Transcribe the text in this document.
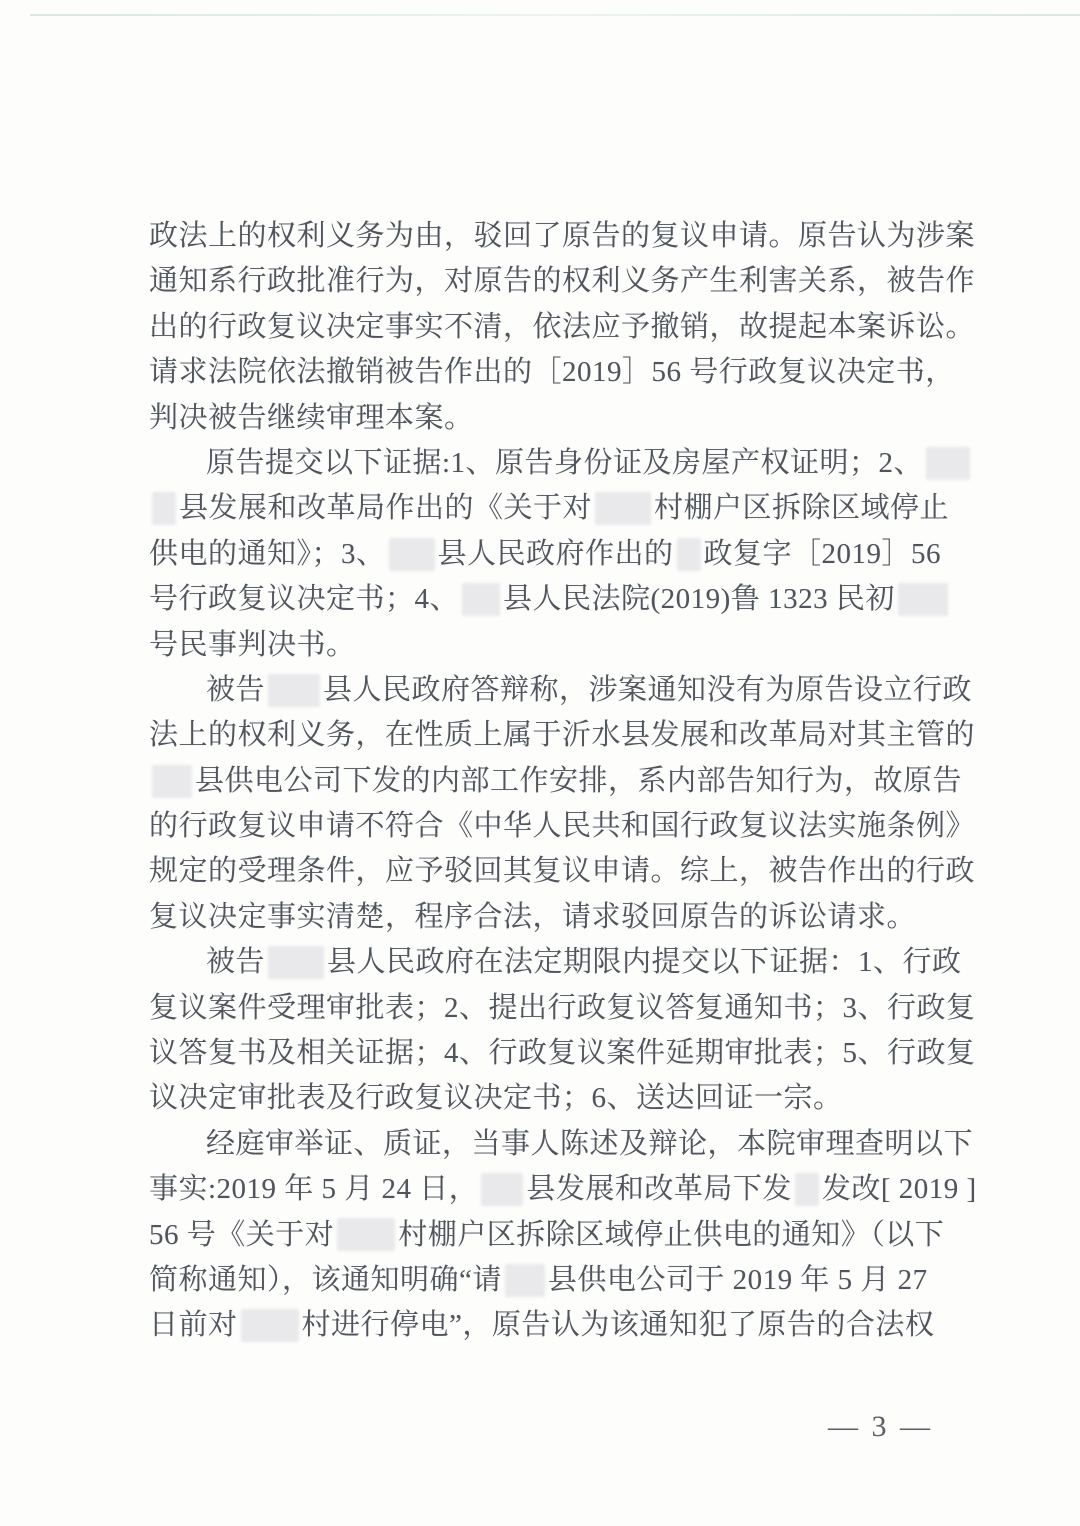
政法上的权利义务为由，驳回了原告的复议申请。原告认为涉案
通知系行政批准行为，对原告的权利义务产生利害关系，被告作
出的行政复议决定事实不清，依法应予撤销，故提起本案诉讼。
请求法院依法撤销被告作出的［2019］56 号行政复议决定书，
判决被告继续审理本案。
原告提交以下证据:1、原告身份证及房屋产权证明；2、
县发展和改革局作出的《关于对 村棚户区拆除区域停止
供电的通知》；3、 县人民政府作出的 政复字［2019］56
号行政复议决定书；4、 县人民法院(2019)鲁 1323 民初
号民事判决书。
被告 县人民政府答辩称，涉案通知没有为原告设立行政
法上的权利义务，在性质上属于沂水县发展和改革局对其主管的
县供电公司下发的内部工作安排，系内部告知行为，故原告
的行政复议申请不符合《中华人民共和国行政复议法实施条例》
规定的受理条件，应予驳回其复议申请。综上，被告作出的行政
复议决定事实清楚，程序合法，请求驳回原告的诉讼请求。
被告 县人民政府在法定期限内提交以下证据：1、行政
复议案件受理审批表；2、提出行政复议答复通知书；3、行政复
议答复书及相关证据；4、行政复议案件延期审批表；5、行政复
议决定审批表及行政复议决定书；6、送达回证一宗。
经庭审举证、质证，当事人陈述及辩论，本院审理查明以下
事实:2019 年 5 月 24 日， 县发展和改革局下发 发改[ 2019 ]
56 号《关于对 村棚户区拆除区域停止供电的通知》（以下
简称通知），该通知明确“请 县供电公司于 2019 年 5 月 27
日前对 村进行停电”，原告认为该通知犯了原告的合法权
— 3 —
